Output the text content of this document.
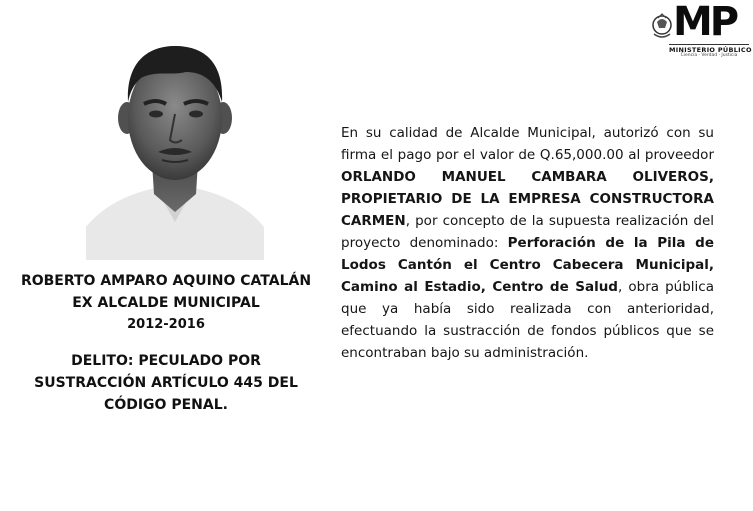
MP
MINISTERIO PÚBLICO
Ciencia · Verdad · Justicia
ROBERTO AMPARO AQUINO CATALÁN
EX ALCALDE MUNICIPAL
2012-2016
DELITO: PECULADO POR
SUSTRACCIÓN ARTÍCULO 445 DEL
CÓDIGO PENAL.
En su calidad de Alcalde Municipal, autorizó con su firma el pago por el valor de Q.65,000.00 al proveedor ORLANDO MANUEL CAMBARA OLIVEROS, PROPIETARIO DE LA EMPRESA CONSTRUCTORA CARMEN, por concepto de la supuesta realización del proyecto denominado: Perforación de la Pila de Lodos Cantón el Centro Cabecera Municipal, Camino al Estadio, Centro de Salud, obra pública que ya había sido realizada con anterioridad, efectuando la sustracción de fondos públicos que se encontraban bajo su administración.
